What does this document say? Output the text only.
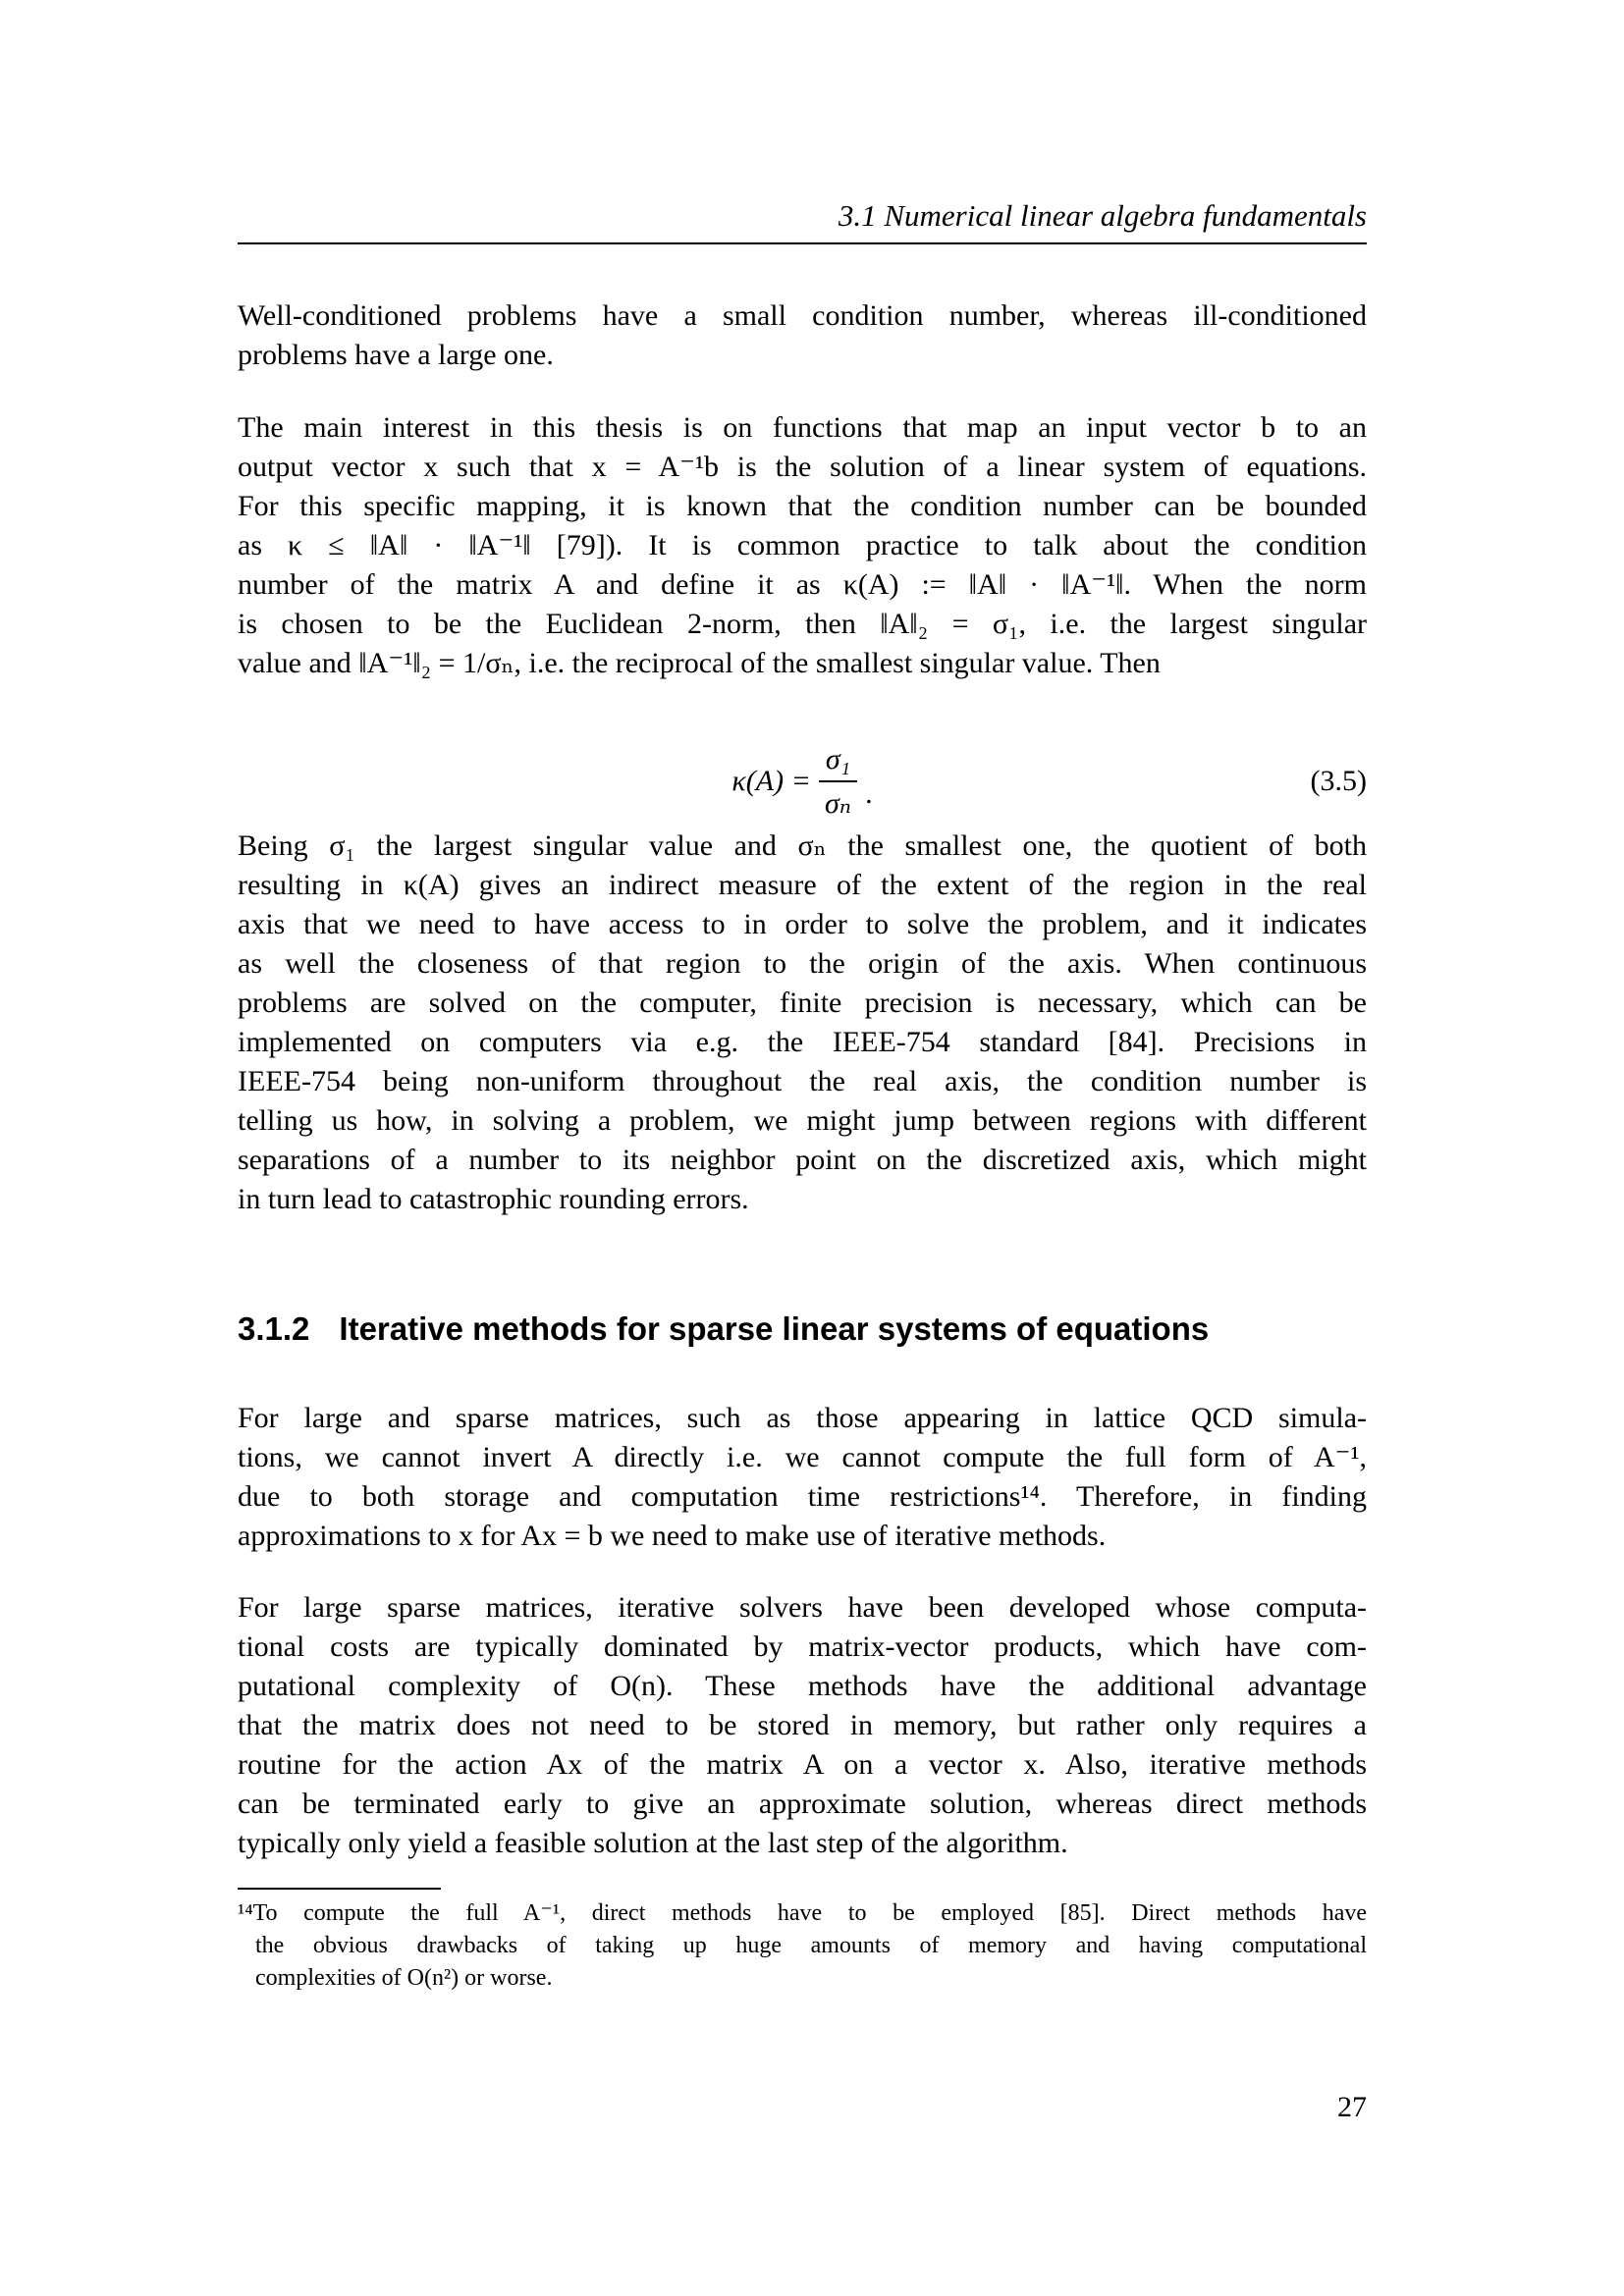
3.1 Numerical linear algebra fundamentals
Well-conditioned problems have a small condition number, whereas ill-conditioned
problems have a large one.
The main interest in this thesis is on functions that map an input vector b to an
output vector x such that x = A⁻¹b is the solution of a linear system of equations.
For this specific mapping, it is known that the condition number can be bounded
as κ ≤ ‖A‖ · ‖A⁻¹‖ [79]). It is common practice to talk about the condition
number of the matrix A and define it as κ(A) := ‖A‖ · ‖A⁻¹‖. When the norm
is chosen to be the Euclidean 2-norm, then ‖A‖₂ = σ₁, i.e. the largest singular
value and ‖A⁻¹‖₂ = 1/σₙ, i.e. the reciprocal of the smallest singular value. Then
$\kappa(A) = \frac{\text{σ₁}}{\text{σₙ}}$ .	(3.5)
Being σ₁ the largest singular value and σₙ the smallest one, the quotient of both
resulting in κ(A) gives an indirect measure of the extent of the region in the real
axis that we need to have access to in order to solve the problem, and it indicates
as well the closeness of that region to the origin of the axis. When continuous
problems are solved on the computer, finite precision is necessary, which can be
implemented on computers via e.g. the IEEE-754 standard [84]. Precisions in
IEEE-754 being non-uniform throughout the real axis, the condition number is
telling us how, in solving a problem, we might jump between regions with different
separations of a number to its neighbor point on the discretized axis, which might
in turn lead to catastrophic rounding errors.
3.1.2 Iterative methods for sparse linear systems of equations
For large and sparse matrices, such as those appearing in lattice QCD simula-
tions, we cannot invert A directly i.e. we cannot compute the full form of A⁻¹,
due to both storage and computation time restrictions¹⁴. Therefore, in finding
approximations to x for Ax = b we need to make use of iterative methods.
For large sparse matrices, iterative solvers have been developed whose computa-
tional costs are typically dominated by matrix-vector products, which have com-
putational complexity of O(n). These methods have the additional advantage
that the matrix does not need to be stored in memory, but rather only requires a
routine for the action Ax of the matrix A on a vector x. Also, iterative methods
can be terminated early to give an approximate solution, whereas direct methods
typically only yield a feasible solution at the last step of the algorithm.
¹⁴To compute the full A⁻¹, direct methods have to be employed [85]. Direct methods have
the obvious drawbacks of taking up huge amounts of memory and having computational
complexities of O(n²) or worse.
27
